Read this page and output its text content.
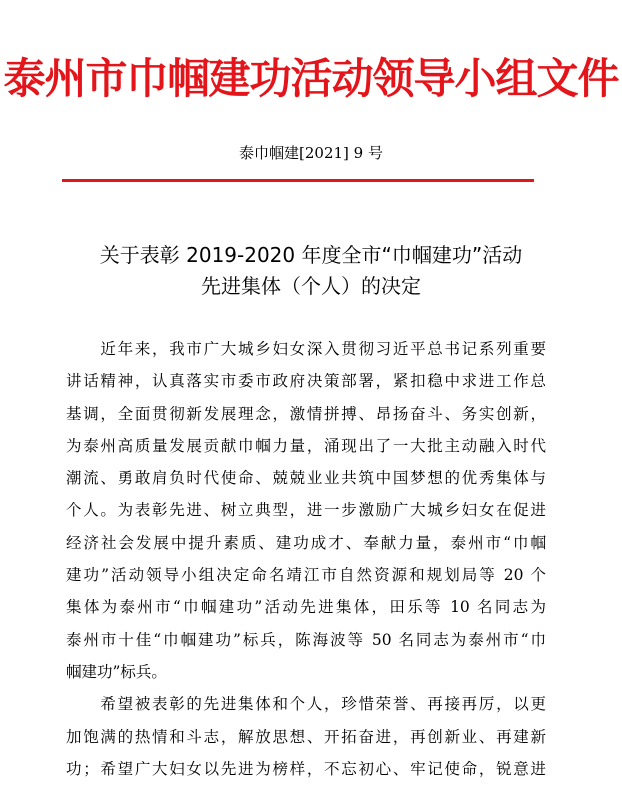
泰州市巾帼建功活动领导小组文件
泰巾帼建[2021] 9 号
关于表彰 2019-2020 年度全市“巾帼建功”活动
先进集体（个人）的决定
　　近年来，我市广大城乡妇女深入贯彻习近平总书记系列重要
讲话精神，认真落实市委市政府决策部署，紧扣稳中求进工作总
基调，全面贯彻新发展理念，激情拼搏、昂扬奋斗、务实创新，
为泰州高质量发展贡献巾帼力量，涌现出了一大批主动融入时代
潮流、勇敢肩负时代使命、兢兢业业共筑中国梦想的优秀集体与
个人。为表彰先进、树立典型，进一步激励广大城乡妇女在促进
经济社会发展中提升素质、建功成才、奉献力量，泰州市“巾帼
建功”活动领导小组决定命名靖江市自然资源和规划局等 20 个
集体为泰州市“巾帼建功”活动先进集体，田乐等 10 名同志为
泰州市十佳“巾帼建功”标兵，陈海波等 50 名同志为泰州市“巾
帼建功”标兵。
　　希望被表彰的先进集体和个人，珍惜荣誉、再接再厉，以更
加饱满的热情和斗志，解放思想、开拓奋进，再创新业、再建新
功；希望广大妇女以先进为榜样，不忘初心、牢记使命，锐意进
